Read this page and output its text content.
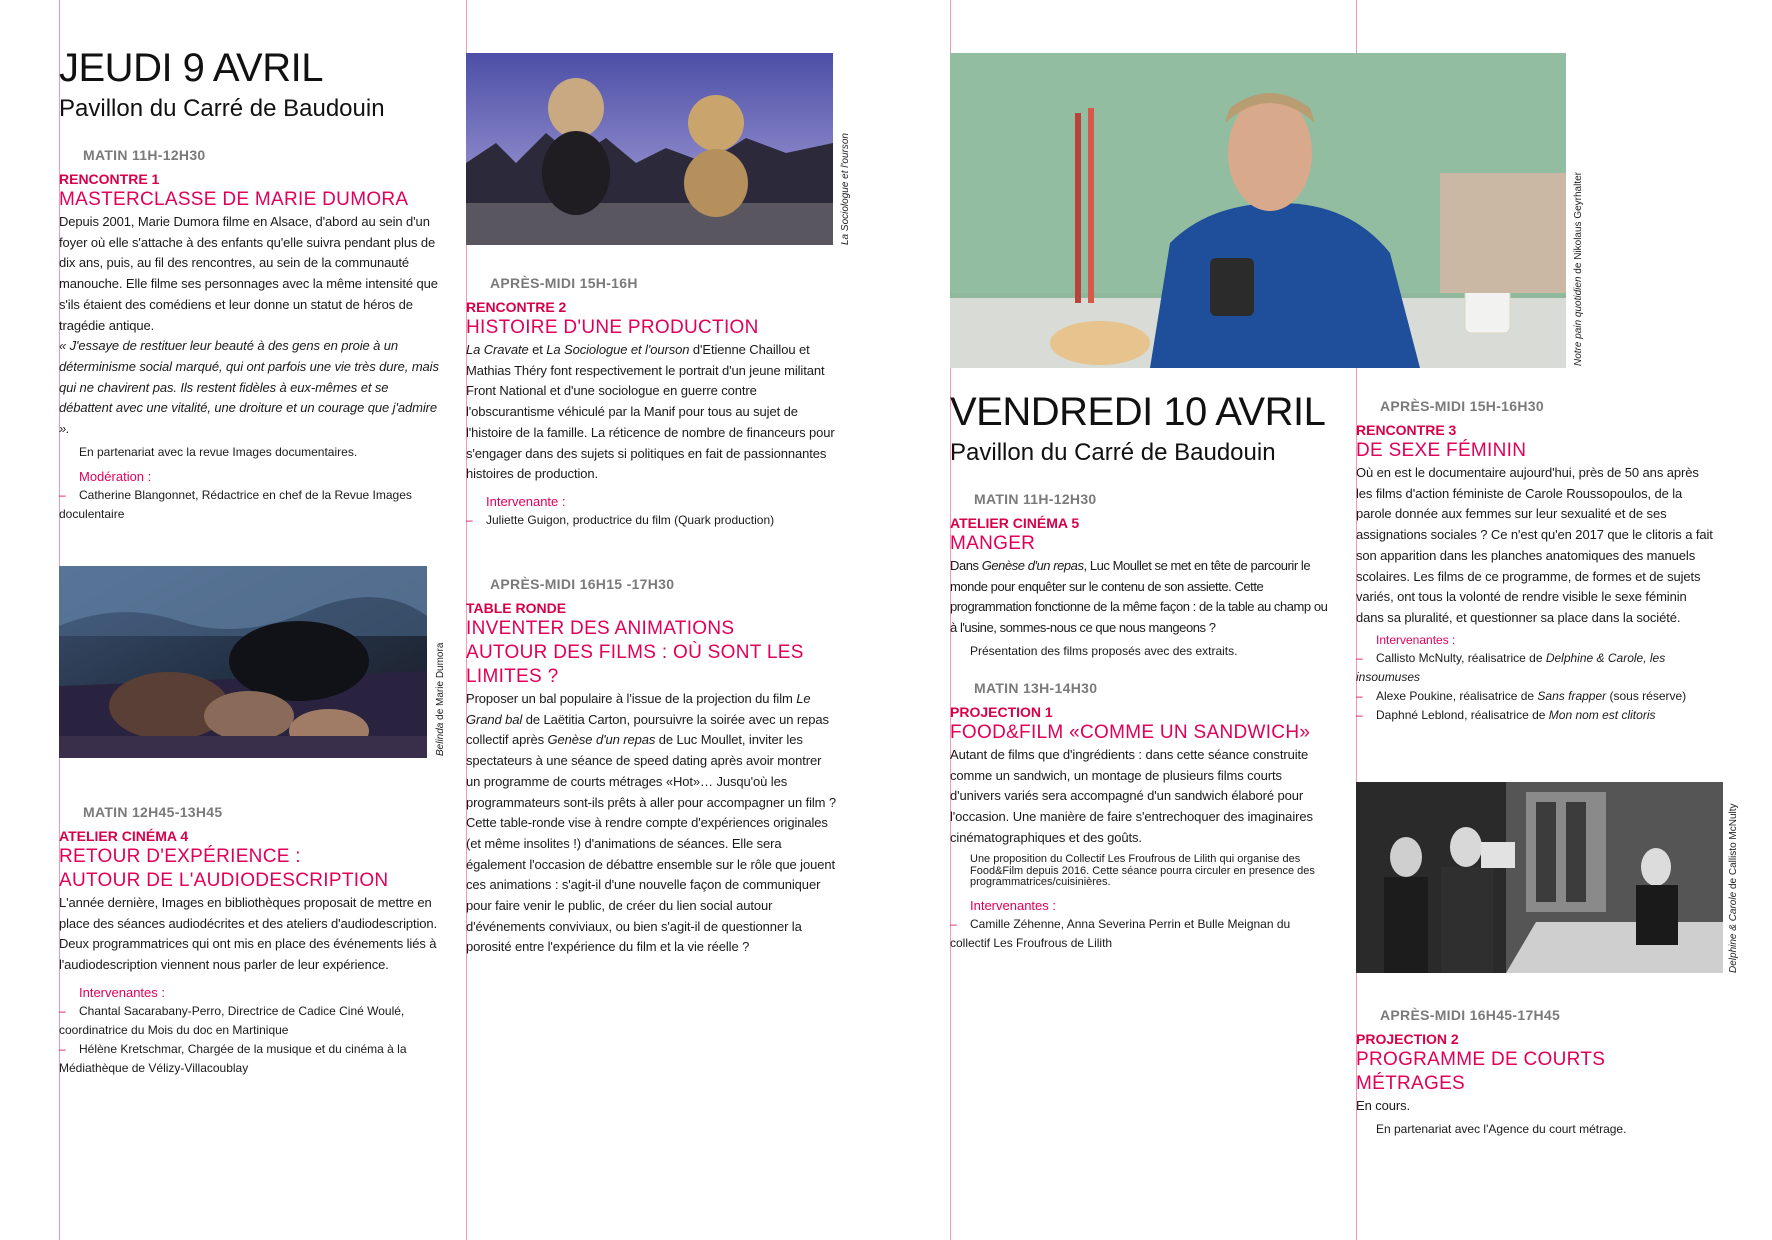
JEUDI 9 AVRIL
Pavillon du Carré de Baudouin
MATIN 11H-12H30
RENCONTRE 1
MASTERCLASSE DE MARIE DUMORA
Depuis 2001, Marie Dumora filme en Alsace, d'abord au sein d'un foyer où elle s'attache à des enfants qu'elle suivra pendant plus de dix ans, puis, au fil des rencontres, au sein de la communauté manouche. Elle filme ses personnages avec la même intensité que s'ils étaient des comédiens et leur donne un statut de héros de tragédie antique.
« J'essaye de restituer leur beauté à des gens en proie à un déterminisme social marqué, qui ont parfois une vie très dure, mais qui ne chavirent pas. Ils restent fidèles à eux-mêmes et se débattent avec une vitalité, une droiture et un courage que j'admire ».
En partenariat avec la revue Images documentaires.
Modération :
– Catherine Blangonnet, Rédactrice en chef de la Revue Images doculentaire
Belinda de Marie Dumora
MATIN 12H45-13H45
ATELIER CINÉMA 4
RETOUR D'EXPÉRIENCE :
AUTOUR DE L'AUDIODESCRIPTION
L'année dernière, Images en bibliothèques proposait de mettre en place des séances audiodécrites et des ateliers d'audiodescription. Deux programmatrices qui ont mis en place des événements liés à l'audiodescription viennent nous parler de leur expérience.
Intervenantes :
– Chantal Sacarabany-Perro, Directrice de Cadice Ciné Woulé, coordinatrice du Mois du doc en Martinique
– Hélène Kretschmar, Chargée de la musique et du cinéma à la Médiathèque de Vélizy-Villacoublay
La Sociologue et l'ourson
APRÈS-MIDI 15H-16H
RENCONTRE 2
HISTOIRE D'UNE PRODUCTION
La Cravate et La Sociologue et l'ourson d'Etienne Chaillou et Mathias Théry font respectivement le portrait d'un jeune militant Front National et d'une sociologue en guerre contre l'obscurantisme véhiculé par la Manif pour tous au sujet de l'histoire de la famille. La réticence de nombre de financeurs pour s'engager dans des sujets si politiques en fait de passionnantes histoires de production.
Intervenante :
– Juliette Guigon, productrice du film (Quark production)
APRÈS-MIDI 16H15 -17H30
TABLE RONDE
INVENTER DES ANIMATIONS
AUTOUR DES FILMS : OÙ SONT LES LIMITES ?
Proposer un bal populaire à l'issue de la projection du film Le Grand bal de Laëtitia Carton, poursuivre la soirée avec un repas collectif après Genèse d'un repas de Luc Moullet, inviter les spectateurs à une séance de speed dating après avoir montrer un programme de courts métrages «Hot»… Jusqu'où les programmateurs sont-ils prêts à aller pour accompagner un film ?
Cette table-ronde vise à rendre compte d'expériences originales (et même insolites !) d'animations de séances. Elle sera également l'occasion de débattre ensemble sur le rôle que jouent ces animations : s'agit-il d'une nouvelle façon de communiquer pour faire venir le public, de créer du lien social autour d'événements conviviaux, ou bien s'agit-il de questionner la porosité entre l'expérience du film et la vie réelle ?
Notre pain quotidien de Nikolaus Geyrhalter
VENDREDI 10 AVRIL
Pavillon du Carré de Baudouin
MATIN 11H-12H30
ATELIER CINÉMA 5
MANGER
Dans Genèse d'un repas, Luc Moullet se met en tête de parcourir le monde pour enquêter sur le contenu de son assiette. Cette programmation fonctionne de la même façon : de la table au champ ou à l'usine, sommes-nous ce que nous mangeons ?
Présentation des films proposés avec des extraits.
MATIN 13H-14H30
PROJECTION 1
FOOD&FILM «COMME UN SANDWICH»
Autant de films que d'ingrédients : dans cette séance construite comme un sandwich, un montage de plusieurs films courts d'univers variés sera accompagné d'un sandwich élaboré pour l'occasion. Une manière de faire s'entrechoquer des imaginaires cinématographiques et des goûts.
Une proposition du Collectif Les Froufrous de Lilith qui organise des Food&Film depuis 2016. Cette séance pourra circuler en presence des programmatrices/cuisinières.
Intervenantes :
– Camille Zéhenne, Anna Severina Perrin et Bulle Meignan du collectif Les Froufrous de Lilith
APRÈS-MIDI 15H-16H30
RENCONTRE 3
DE SEXE FÉMININ
Où en est le documentaire aujourd'hui, près de 50 ans après les films d'action féministe de Carole Roussopoulos, de la parole donnée aux femmes sur leur sexualité et de ses assignations sociales ? Ce n'est qu'en 2017 que le clitoris a fait son apparition dans les planches anatomiques des manuels scolaires. Les films de ce programme, de formes et de sujets variés, ont tous la volonté de rendre visible le sexe féminin dans sa pluralité, et questionner sa place dans la société.
Intervenantes :
– Callisto McNulty, réalisatrice de Delphine & Carole, les insoumuses
– Alexe Poukine, réalisatrice de Sans frapper (sous réserve)
– Daphné Leblond, réalisatrice de Mon nom est clitoris
Delphine & Carole de Callisto McNulty
APRÈS-MIDI 16H45-17H45
PROJECTION 2
PROGRAMME DE COURTS MÉTRAGES
En cours.
En partenariat avec l'Agence du court métrage.
